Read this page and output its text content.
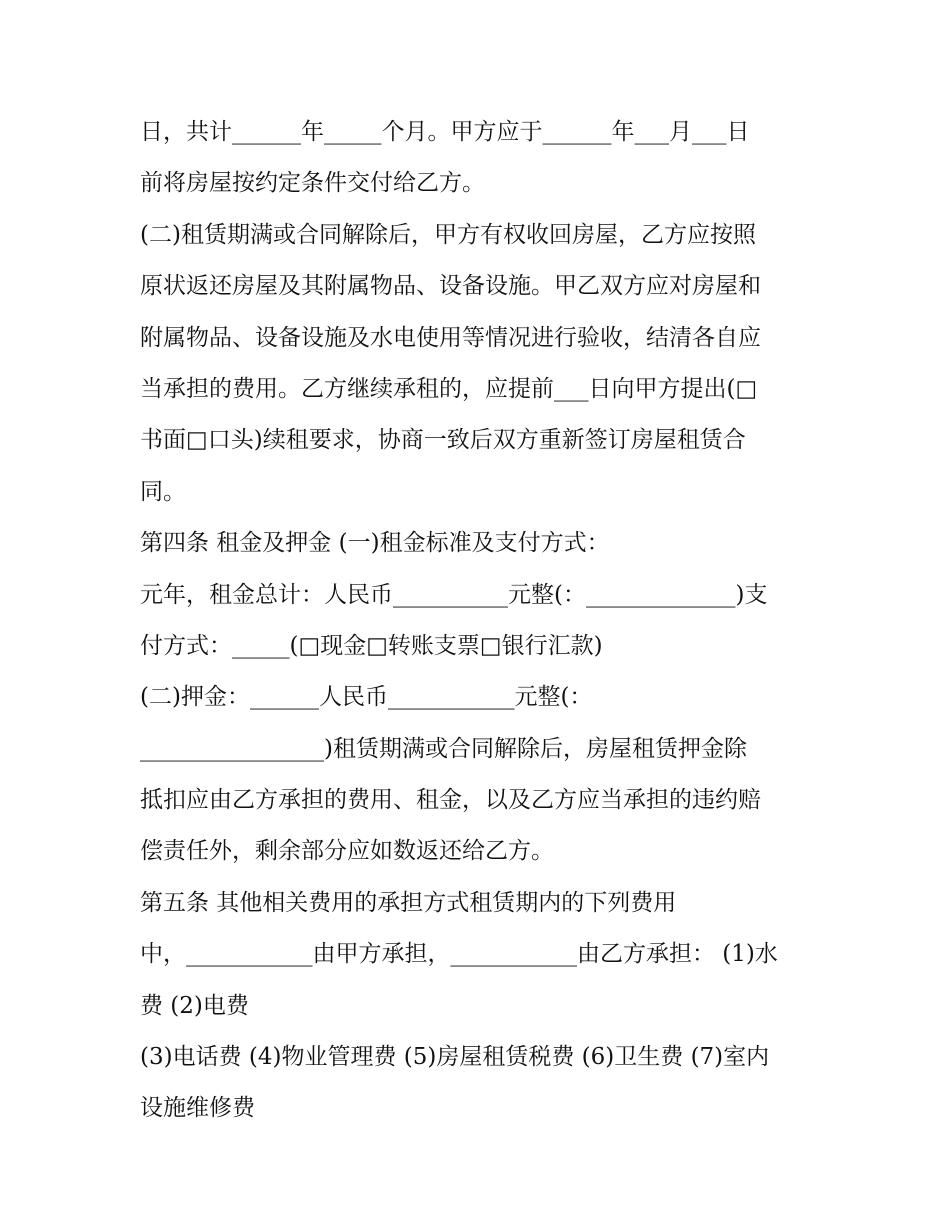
日，共计______年_____个月。甲方应于______年___月___日
前将房屋按约定条件交付给乙方。
(二)租赁期满或合同解除后，甲方有权收回房屋，乙方应按照
原状返还房屋及其附属物品、设备设施。甲乙双方应对房屋和
附属物品、设备设施及水电使用等情况进行验收，结清各自应
当承担的费用。乙方继续承租的，应提前___日向甲方提出(□
书面□口头)续租要求，协商一致后双方重新签订房屋租赁合
同。
第四条 租金及押金 (一)租金标准及支付方式：
元年，租金总计：人民币__________元整(：_____________)支
付方式：_____(□现金□转账支票□银行汇款)
(二)押金：______人民币___________元整(：
________________)租赁期满或合同解除后，房屋租赁押金除
抵扣应由乙方承担的费用、租金，以及乙方应当承担的违约赔
偿责任外，剩余部分应如数返还给乙方。
第五条 其他相关费用的承担方式租赁期内的下列费用
中，___________由甲方承担，___________由乙方承担： (1)水
费 (2)电费
(3)电话费 (4)物业管理费 (5)房屋租赁税费 (6)卫生费 (7)室内
设施维修费
